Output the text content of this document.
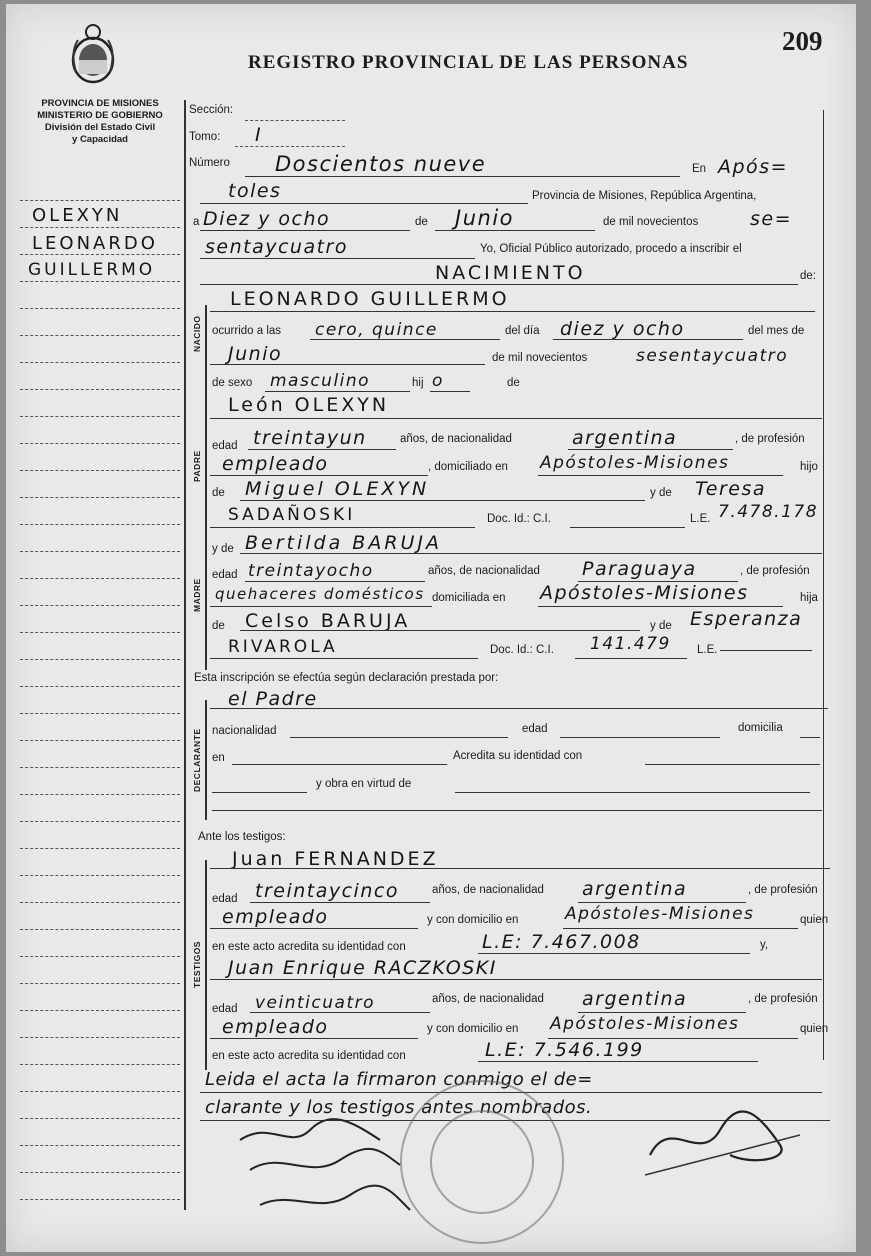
209
REGISTRO PROVINCIAL DE LAS PERSONAS
PROVINCIA DE MISIONES
MINISTERIO DE GOBIERNO
División del Estado Civil
y Capacidad
OLEXYN
LEONARDO
GUILLERMO
NACIDO
PADRE
MADRE
DECLARANTE
TESTIGOS
Sección:
Tomo: I
Número Doscientos nueve	En Após=
toles	Provincia de Misiones, República Argentina,
a Diez y ocho	de Junio	de mil novecientos	se=
sentaycuatro	Yo, Oficial Público autorizado, procedo a inscribir el
NACIMIENTO	de:
LEONARDO GUILLERMO
ocurrido a las cero, quince	del día diez y ocho	del mes de
Junio	de mil novecientos	sesentaycuatro
de sexo masculino	hij o	de
León OLEXYN
edad treintayun	años, de nacionalidad	argentina	, de profesión
empleado	, domiciliado en Apóstoles-Misiones	hijo
de Miguel OLEXYN	y de Teresa
SADAÑOSKI	Doc. Id.: C.I.	L.E. 7.478.178
y de Bertilda BARUJA
edad treintayocho	años, de nacionalidad Paraguaya	, de profesión
quehaceres domésticos domiciliada en Apóstoles-Misiones	hija
de Celso BARUJA	y de Esperanza
RIVAROLA	Doc. Id.: C.I. 141.479 L.E.
Esta inscripción se efectúa según declaración prestada por:
el Padre
nacionalidad	edad	domicilia
en	Acredita su identidad con
y obra en virtud de
Ante los testigos:
Juan FERNANDEZ
edad treintaycinco	años, de nacionalidad argentina	, de profesión
empleado	y con domicilio en	Apóstoles-Misiones	quien
en este acto acredita su identidad con	L.E: 7.467.008	y,
Juan Enrique RACZKOSKI
edad veinticuatro	años, de nacionalidad argentina	, de profesión
empleado	y con domicilio en Apóstoles-Misiones	quien
en este acto acredita su identidad con	L.E: 7.546.199
Leida el acta la firmaron conmigo el de=
clarante y los testigos antes nombrados.
